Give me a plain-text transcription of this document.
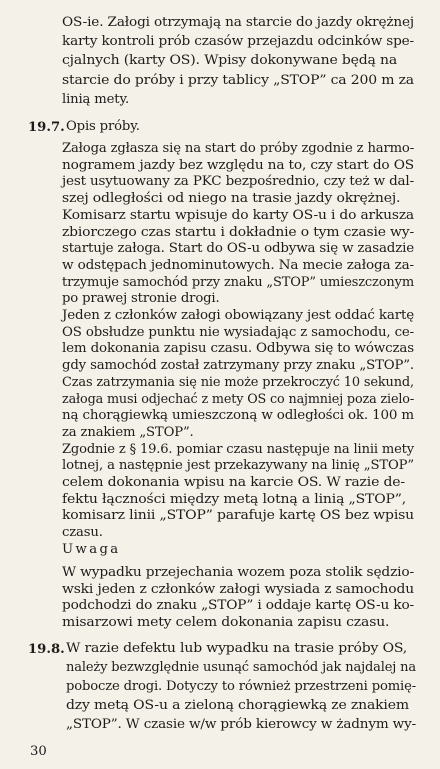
OS-ie. Załogi otrzymają na starcie do jazdy okrężnej
karty kontroli prób czasów przejazdu odcinków spe-
cjalnych (karty OS). Wpisy dokonywane będą na
starcie do próby i przy tablicy „STOP” ca 200 m za
linią mety.
19.7. Opis próby.
Załoga zgłasza się na start do próby zgodnie z harmo-
nogramem jazdy bez względu na to, czy start do OS
jest usytuowany za PKC bezpośrednio, czy też w dal-
szej odległości od niego na trasie jazdy okrężnej.
Komisarz startu wpisuje do karty OS-u i do arkusza
zbiorczego czas startu i dokładnie o tym czasie wy-
startuje załoga. Start do OS-u odbywa się w zasadzie
w odstępach jednominutowych. Na mecie załoga za-
trzymuje samochód przy znaku „STOP” umieszczonym
po prawej stronie drogi.
Jeden z członków załogi obowiązany jest oddać kartę
OS obsłudze punktu nie wysiadając z samochodu, ce-
lem dokonania zapisu czasu. Odbywa się to wówczas
gdy samochód został zatrzymany przy znaku „STOP”.
Czas zatrzymania się nie może przekroczyć 10 sekund,
załoga musi odjechać z mety OS co najmniej poza zielo-
ną chorągiewką umieszczoną w odległości ok. 100 m
za znakiem „STOP”.
Zgodnie z § 19.6. pomiar czasu następuje na linii mety
lotnej, a następnie jest przekazywany na linię „STOP”
celem dokonania wpisu na karcie OS. W razie de-
fektu łączności między metą lotną a linią „STOP”,
komisarz linii „STOP” parafuje kartę OS bez wpisu
czasu.
Uwaga
W wypadku przejechania wozem poza stolik sędzio-
wski jeden z członków załogi wysiada z samochodu
podchodzi do znaku „STOP” i oddaje kartę OS-u ko-
misarzowi mety celem dokonania zapisu czasu.
19.8. W razie defektu lub wypadku na trasie próby OS,
należy bezwzględnie usunąć samochód jak najdalej na
pobocze drogi. Dotyczy to również przestrzeni pomię-
dzy metą OS-u a zieloną chorągiewką ze znakiem
„STOP”. W czasie w/w prób kierowcy w żadnym wy-
30
